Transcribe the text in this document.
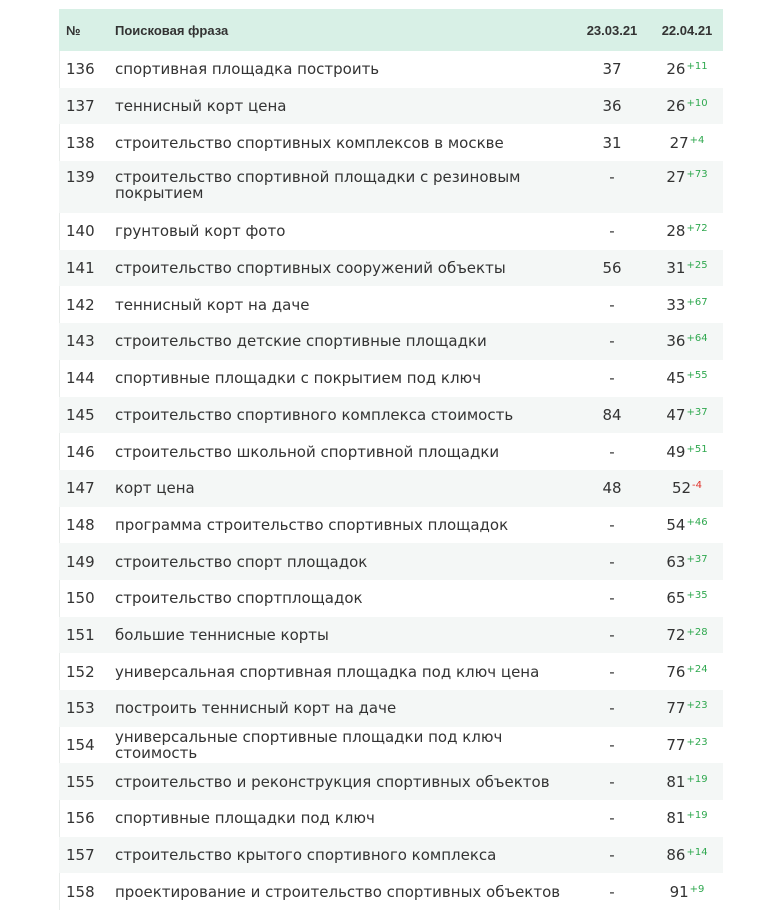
№	Поисковая фраза	23.03.21	22.04.21
136	спортивная площадка построить	37	$26^{+11}$
137	теннисный корт цена	36	$26^{+10}$
138	строительство спортивных комплексов в москве	31	$27^{+4}$
139	строительство спортивной площадки с резиновым покрытием	-	$27^{+73}$
140	грунтовый корт фото	-	$28^{+72}$
141	строительство спортивных сооружений объекты	56	$31^{+25}$
142	теннисный корт на даче	-	$33^{+67}$
143	строительство детские спортивные площадки	-	$36^{+64}$
144	спортивные площадки с покрытием под ключ	-	$45^{+55}$
145	строительство спортивного комплекса стоимость	84	$47^{+37}$
146	строительство школьной спортивной площадки	-	$49^{+51}$
147	корт цена	48	$52^{-4}$
148	программа строительство спортивных площадок	-	$54^{+46}$
149	строительство спорт площадок	-	$63^{+37}$
150	строительство спортплощадок	-	$65^{+35}$
151	большие теннисные корты	-	$72^{+28}$
152	универсальная спортивная площадка под ключ цена	-	$76^{+24}$
153	построить теннисный корт на даче	-	$77^{+23}$
154	универсальные спортивные площадки под ключ стоимость	-	$77^{+23}$
155	строительство и реконструкция спортивных объектов	-	$81^{+19}$
156	спортивные площадки под ключ	-	$81^{+19}$
157	строительство крытого спортивного комплекса	-	$86^{+14}$
158	проектирование и строительство спортивных объектов	-	$91^{+9}$
